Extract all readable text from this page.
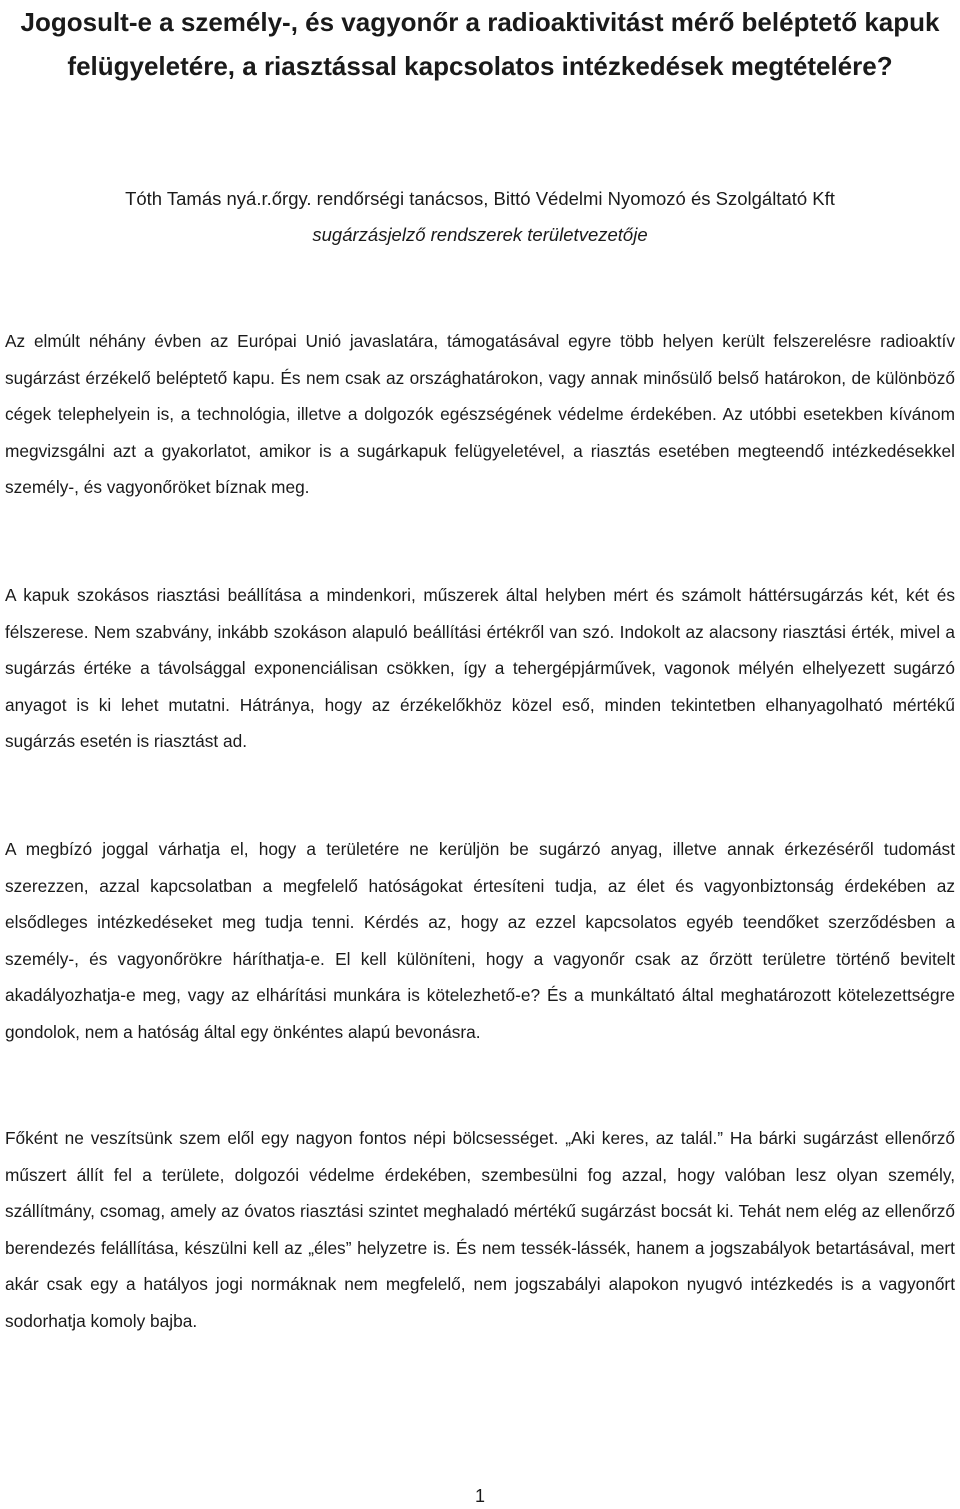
Jogosult-e a személy-, és vagyonőr a radioaktivitást mérő beléptető kapuk felügyeletére, a riasztással kapcsolatos intézkedések megtételére?
Tóth Tamás nyá.r.őrgy. rendőrségi tanácsos, Bittó Védelmi Nyomozó és Szolgáltató Kft
sugárzásjelző rendszerek területvezetője

Az elmúlt néhány évben az Európai Unió javaslatára, támogatásával egyre több helyen került felszerelésre radioaktív sugárzást érzékelő beléptető kapu. És nem csak az országhatárokon, vagy annak minősülő belső határokon, de különböző cégek telephelyein is, a technológia, illetve a dolgozók egészségének védelme érdekében. Az utóbbi esetekben kívánom megvizsgálni azt a gyakorlatot, amikor is a sugárkapuk felügyeletével, a riasztás esetében megteendő intézkedésekkel személy-, és vagyonőröket bíznak meg.

A kapuk szokásos riasztási beállítása a mindenkori, műszerek által helyben mért és számolt háttérsugárzás két, két és félszerese. Nem szabvány, inkább szokáson alapuló beállítási értékről van szó. Indokolt az alacsony riasztási érték, mivel a sugárzás értéke a távolsággal exponenciálisan csökken, így a tehergépjárművek, vagonok mélyén elhelyezett sugárzó anyagot is ki lehet mutatni. Hátránya, hogy az érzékelőkhöz közel eső, minden tekintetben elhanyagolható mértékű sugárzás esetén is riasztást ad.

A megbízó joggal várhatja el, hogy a területére ne kerüljön be sugárzó anyag, illetve annak érkezéséről tudomást szerezzen, azzal kapcsolatban a megfelelő hatóságokat értesíteni tudja, az élet és vagyonbiztonság érdekében az elsődleges intézkedéseket meg tudja tenni. Kérdés az, hogy az ezzel kapcsolatos egyéb teendőket szerződésben a személy-, és vagyonőrökre háríthatja-e. El kell különíteni, hogy a vagyonőr csak az őrzött területre történő bevitelt akadályozhatja-e meg, vagy az elhárítási munkára is kötelezhető-e? És a munkáltató által meghatározott kötelezettségre gondolok, nem a hatóság által egy önkéntes alapú bevonásra.

Főként ne veszítsünk szem elől egy nagyon fontos népi bölcsességet. „Aki keres, az talál.” Ha bárki sugárzást ellenőrző műszert állít fel a területe, dolgozói védelme érdekében, szembesülni fog azzal, hogy valóban lesz olyan személy, szállítmány, csomag, amely az óvatos riasztási szintet meghaladó mértékű sugárzást bocsát ki. Tehát nem elég az ellenőrző berendezés felállítása, készülni kell az „éles” helyzetre is. És nem tessék-lássék, hanem a jogszabályok betartásával, mert akár csak egy a hatályos jogi normáknak nem megfelelő, nem jogszabályi alapokon nyugvó intézkedés is a vagyonőrt sodorhatja komoly bajba.

1
